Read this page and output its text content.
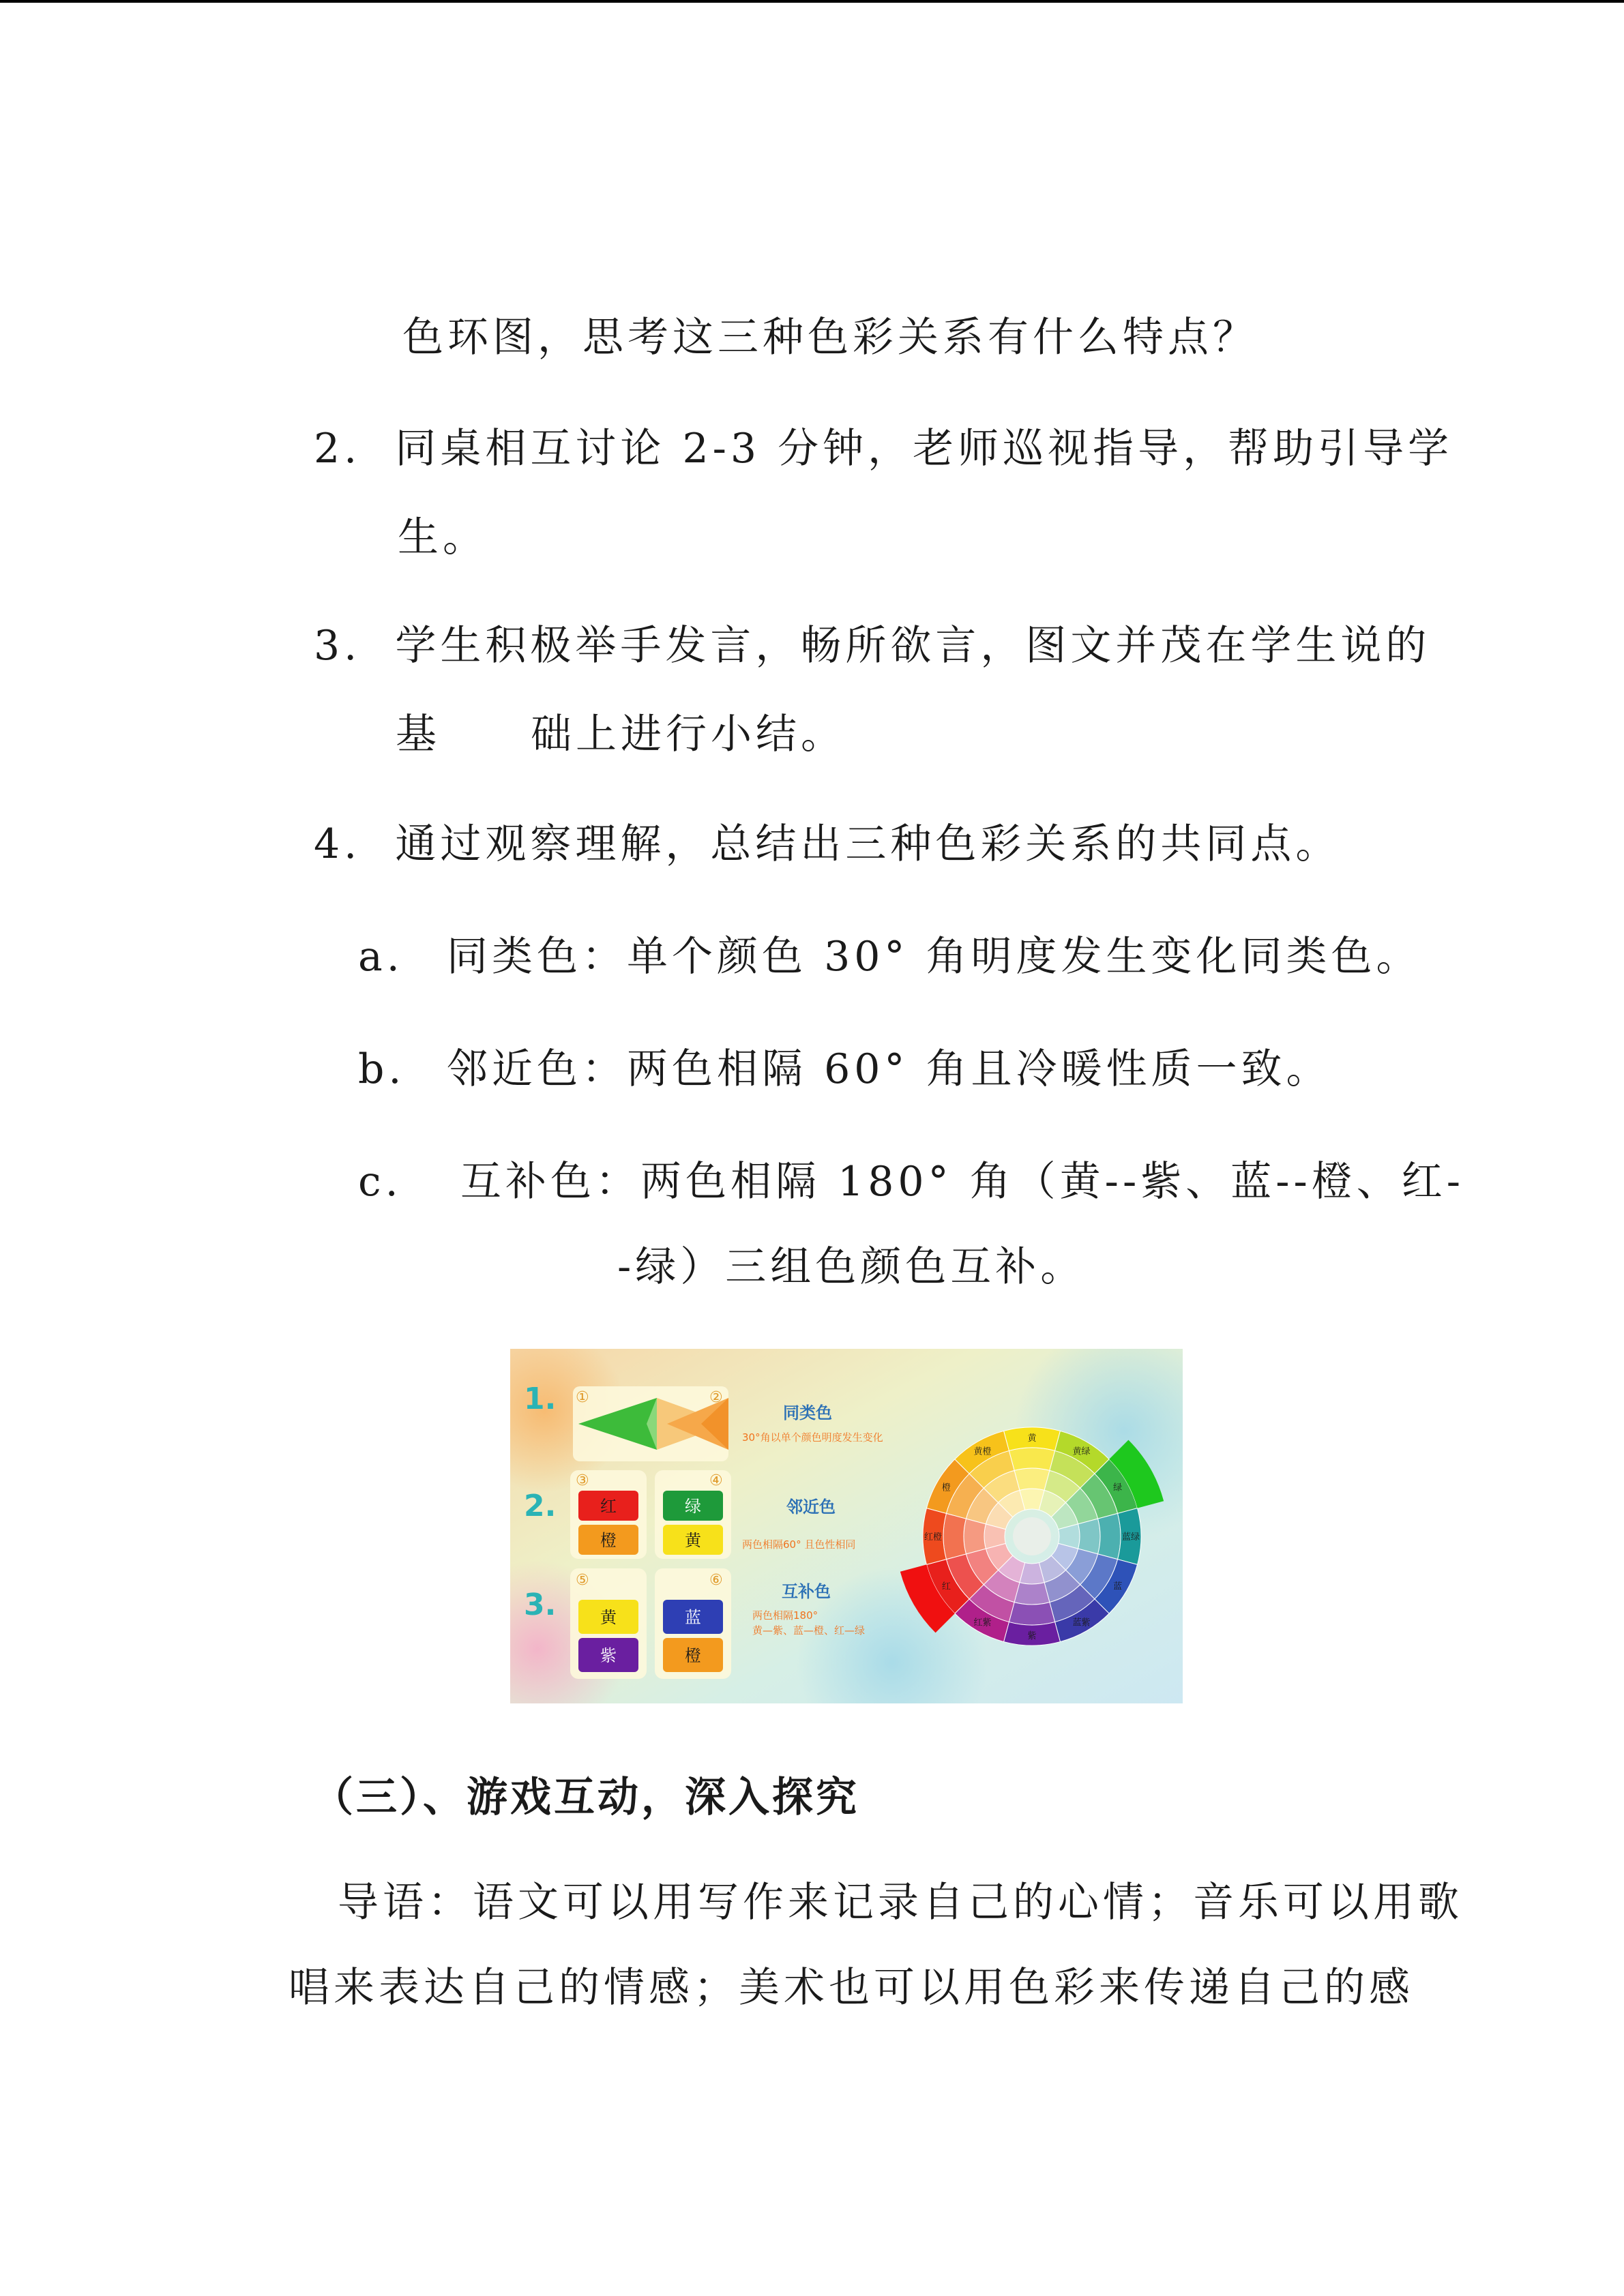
色环图，思考这三种色彩关系有什么特点？
2. 同桌相互讨论 2-3 分钟，老师巡视指导，帮助引导学
生。
3. 学生积极举手发言，畅所欲言，图文并茂在学生说的
基　　础上进行小结。
4. 通过观察理解，总结出三种色彩关系的共同点。
a. 同类色：单个颜色 30° 角明度发生变化同类色。
b. 邻近色：两色相隔 60° 角且冷暖性质一致。
c. 互补色：两色相隔 180° 角（黄--紫、蓝--橙、红-
-绿）三组色颜色互补。
1.
2.
3.
①	②
同类色
30°角以单个颜色明度发生变化
红
橙
绿
黄
③	④
邻近色
两色相隔60° 且色性相同
黄
紫
蓝
橙
⑤	⑥
互补色
两色相隔180°
黄—紫、蓝—橙、红—绿
黄
黄绿
绿
蓝绿
蓝
蓝紫
紫
红紫
红
红橙
橙
黄橙
（三）、游戏互动，深入探究
导语：语文可以用写作来记录自己的心情；音乐可以用歌
唱来表达自己的情感；美术也可以用色彩来传递自己的感
